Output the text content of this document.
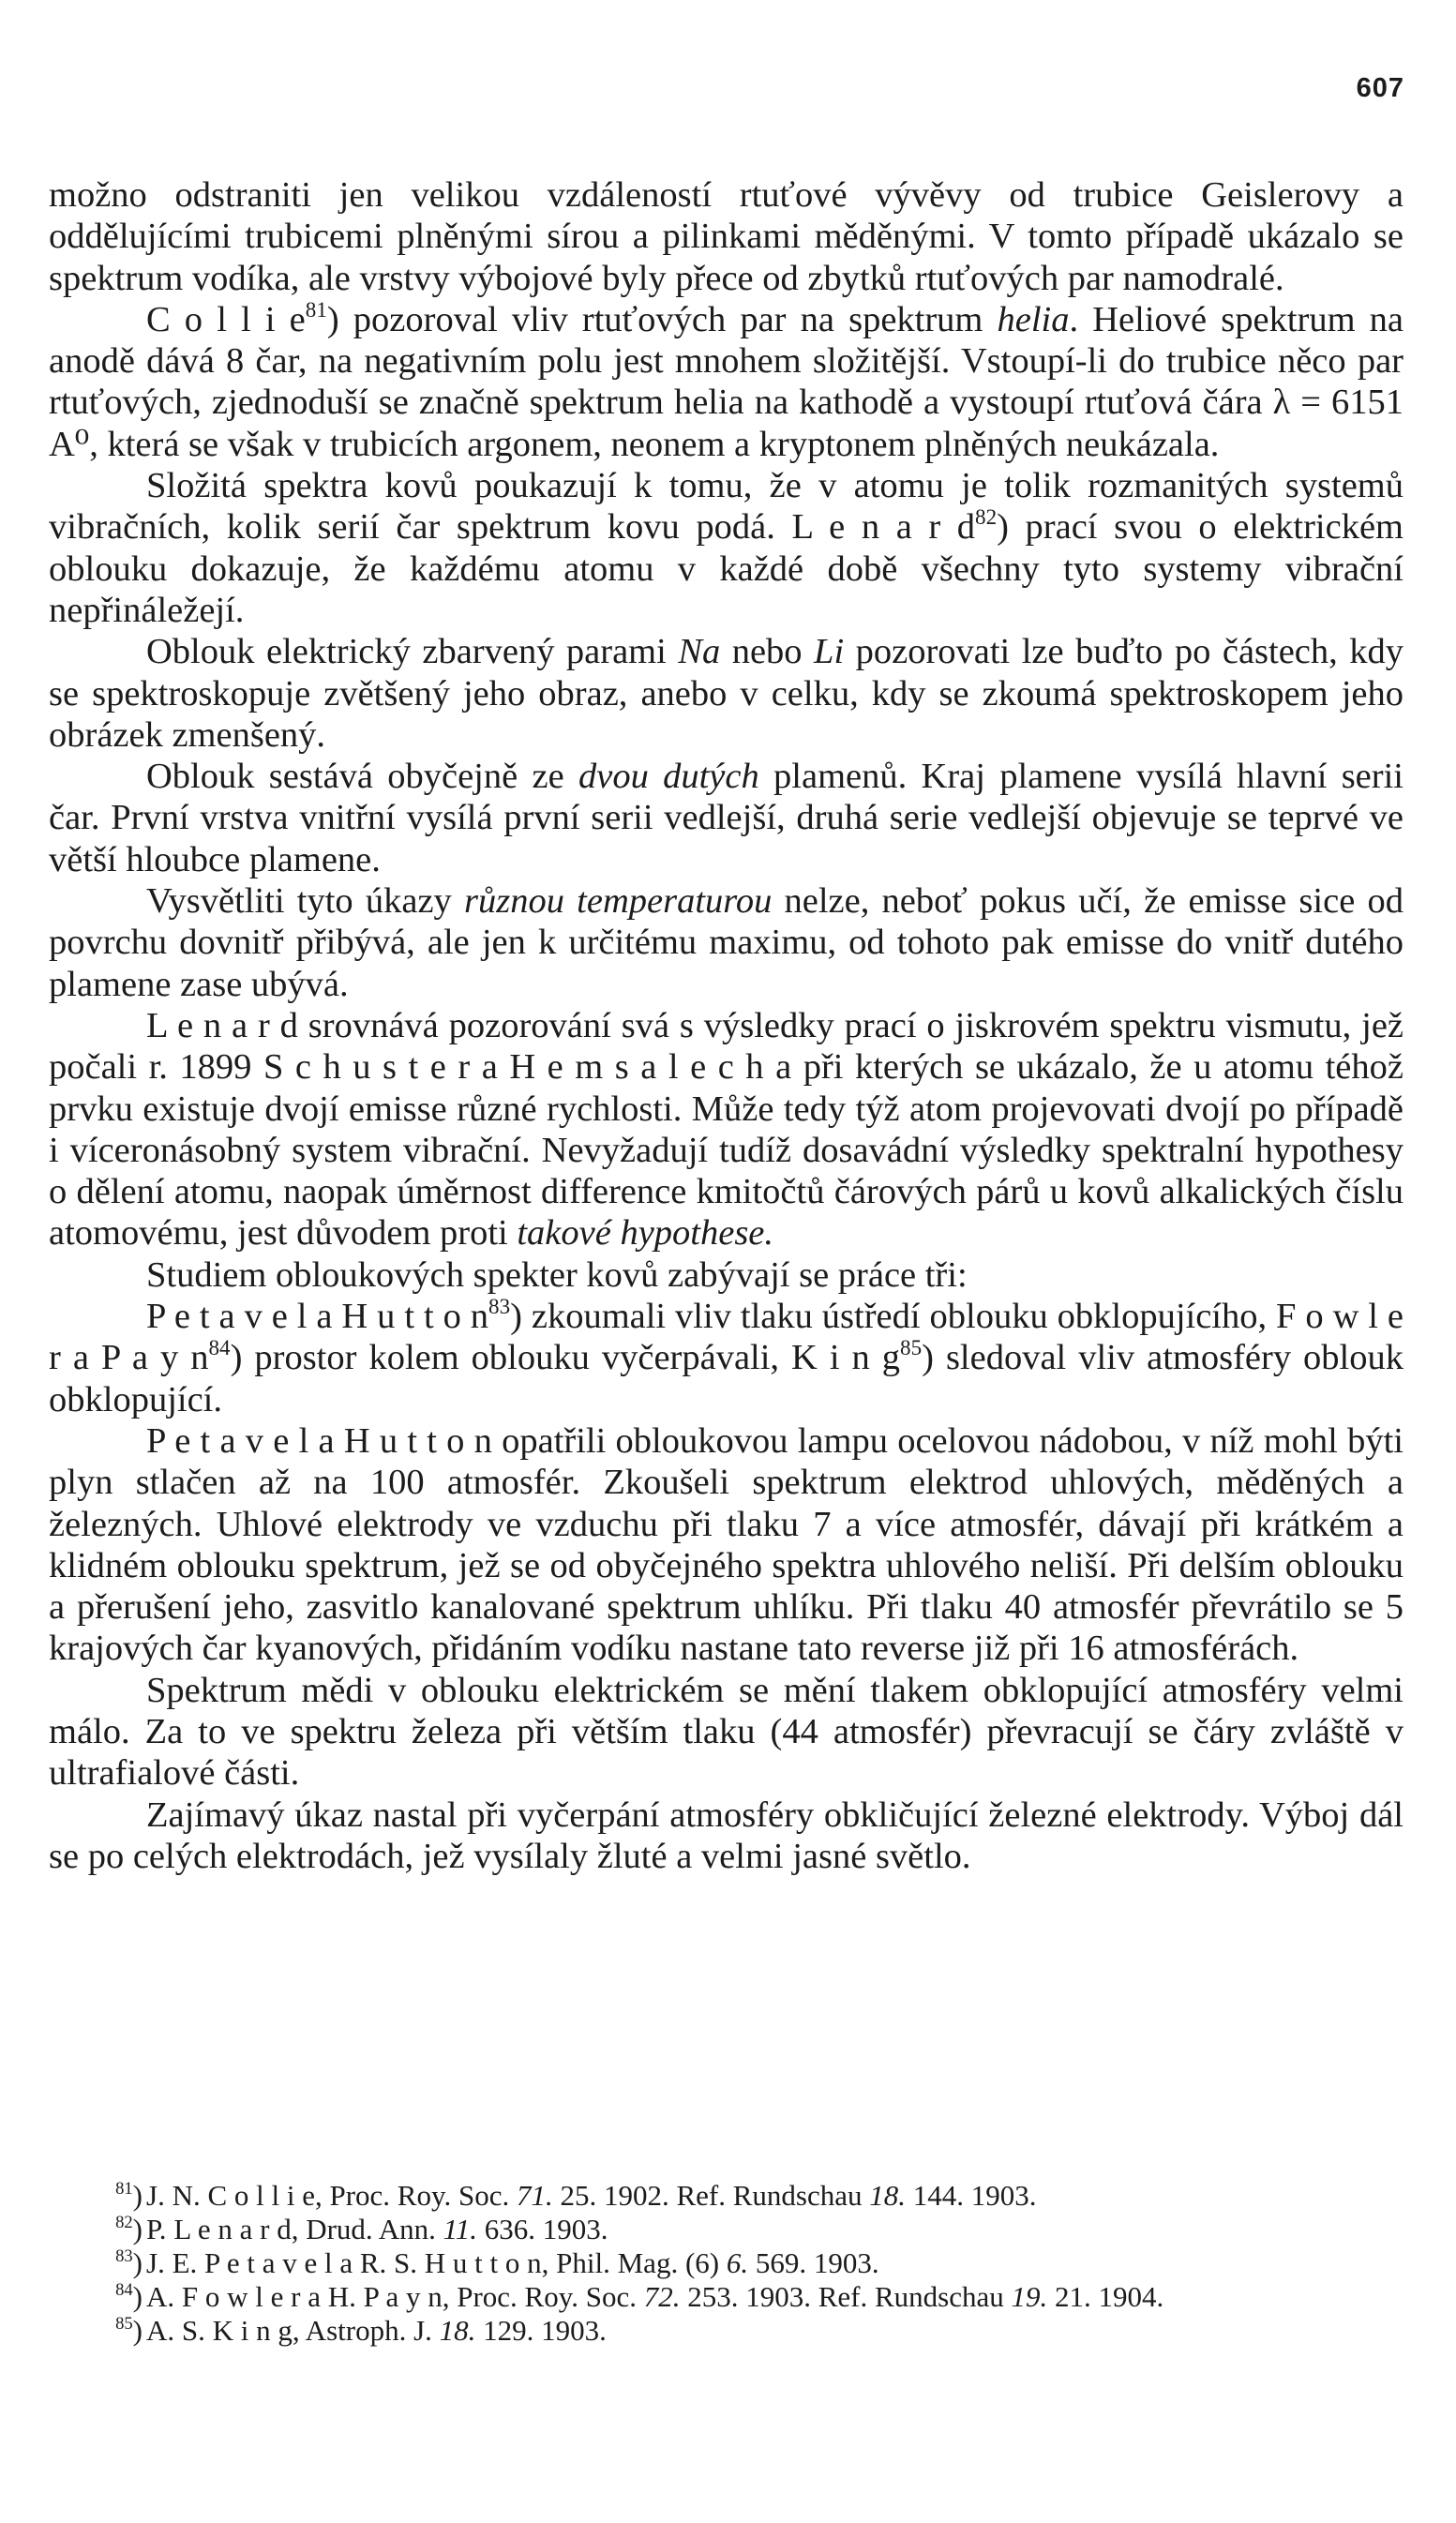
607

možno odstraniti jen velikou vzdáleností rtuťové vývěvy od trubice Geislerovy a oddělujícími trubicemi plněnými sírou a pilinkami měděnými. V tomto případě ukázalo se spektrum vodíka, ale vrstvy výbojové byly přece od zbytků rtuťových par namodralé.

C o l l i $e^{81}$) pozoroval vliv rtuťových par na spektrum helia. Heliové spektrum na anodě dává 8 čar, na negativním polu jest mnohem složitější. Vstoupí-li do trubice něco par rtuťových, zjednoduší se značně spektrum helia na kathodě a vystoupí rtuťová čára λ = 6151 A⁰, která se však v trubicích argonem, neonem a kryptonem plněných neukázala.

Složitá spektra kovů poukazují k tomu, že v atomu je tolik rozmanitých systemů vibračních, kolik serií čar spektrum kovu podá. L e n a r $d^{82}$) prací svou o elektrickém oblouku dokazuje, že každému atomu v každé době všechny tyto systemy vibrační nepřináležejí.

Oblouk elektrický zbarvený parami Na nebo Li pozorovati lze buďto po částech, kdy se spektroskopuje zvětšený jeho obraz, anebo v celku, kdy se zkoumá spektroskopem jeho obrázek zmenšený.

Oblouk sestává obyčejně ze dvou dutých plamenů. Kraj plamene vysílá hlavní serii čar. První vrstva vnitřní vysílá první serii vedlejší, druhá serie vedlejší objevuje se teprvé ve větší hloubce plamene.

Vysvětliti tyto úkazy různou temperaturou nelze, neboť pokus učí, že emisse sice od povrchu dovnitř přibývá, ale jen k určitému maximu, od tohoto pak emisse do vnitř dutého plamene zase ubývá.

L e n a r d srovnává pozorování svá s výsledky prací o jiskrovém spektru vismutu, jež počali r. 1899 S c h u s t e r a H e m s a l e c h a při kterých se ukázalo, že u atomu téhož prvku existuje dvojí emisse různé rychlosti. Může tedy týž atom projevovati dvojí po případě i víceronásobný system vibrační. Nevyžadují tudíž dosavádní výsledky spektralní hypothesy o dělení atomu, naopak úměrnost difference kmitočtů čárových párů u kovů alkalických číslu atomovému, jest důvodem proti takové hypothese.

Studiem obloukových spekter kovů zabývají se práce tři:

P e t a v e l a H u t t o $n^{83}$) zkoumali vliv tlaku ústředí oblouku obklopujícího, F o w l e r a P a y $n^{84}$) prostor kolem oblouku vyčerpávali, K i n $g^{85}$) sledoval vliv atmosféry oblouk obklopující.

P e t a v e l a H u t t o n opatřili obloukovou lampu ocelovou nádobou, v níž mohl býti plyn stlačen až na 100 atmosfér. Zkoušeli spektrum elektrod uhlových, měděných a železných. Uhlové elektrody ve vzduchu při tlaku 7 a více atmosfér, dávají při krátkém a klidném oblouku spektrum, jež se od obyčejného spektra uhlového neliší. Při delším oblouku a přerušení jeho, zasvitlo kanalované spektrum uhlíku. Při tlaku 40 atmosfér převrátilo se 5 krajových čar kyanových, přidáním vodíku nastane tato reverse již při 16 atmosférách.

Spektrum mědi v oblouku elektrickém se mění tlakem obklopující atmosféry velmi málo. Za to ve spektru železa při větším tlaku (44 atmosfér) převracují se čáry zvláště v ultrafialové části.

Zajímavý úkaz nastal při vyčerpání atmosféry obkličující železné elektrody. Výboj dál se po celých elektrodách, jež vysílaly žluté a velmi jasné světlo.

$^{81}$) J. N. C o l l i e, Proc. Roy. Soc. 71. 25. 1902. Ref. Rundschau 18. 144. 1903.

$^{82}$) P. L e n a r d, Drud. Ann. 11. 636. 1903.

$^{83}$) J. E. P e t a v e l a R. S. H u t t o n, Phil. Mag. (6) 6. 569. 1903.

$^{84}$) A. F o w l e r a H. P a y n, Proc. Roy. Soc. 72. 253. 1903. Ref. Rundschau 19. 21. 1904.

$^{85}$) A. S. K i n g, Astroph. J. 18. 129. 1903.
